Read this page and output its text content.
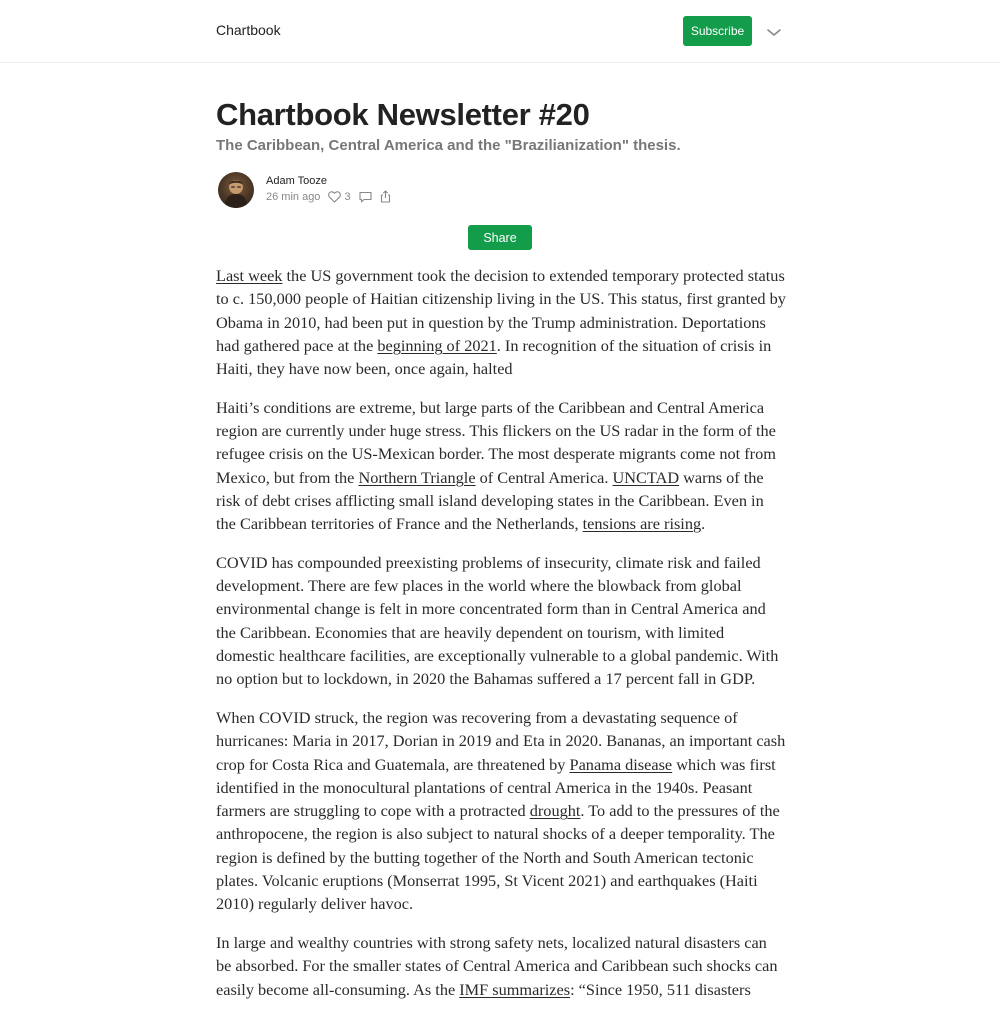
Chartbook	Subscribe
Chartbook Newsletter #20
The Caribbean, Central America and the "Brazilianization" thesis.
Adam Tooze
26 min ago 3
Share

Last week the US government took the decision to extended temporary protected status to c. 150,000 people of Haitian citizenship living in the US. This status, first granted by Obama in 2010, had been put in question by the Trump administration. Deportations had gathered pace at the beginning of 2021. In recognition of the situation of crisis in Haiti, they have now been, once again, halted

Haiti’s conditions are extreme, but large parts of the Caribbean and Central America region are currently under huge stress. This flickers on the US radar in the form of the refugee crisis on the US-Mexican border. The most desperate migrants come not from Mexico, but from the Northern Triangle of Central America. UNCTAD warns of the risk of debt crises afflicting small island developing states in the Caribbean. Even in the Caribbean territories of France and the Netherlands, tensions are rising.

COVID has compounded preexisting problems of insecurity, climate risk and failed development. There are few places in the world where the blowback from global environmental change is felt in more concentrated form than in Central America and the Caribbean. Economies that are heavily dependent on tourism, with limited domestic healthcare facilities, are exceptionally vulnerable to a global pandemic. With no option but to lockdown, in 2020 the Bahamas suffered a 17 percent fall in GDP.

When COVID struck, the region was recovering from a devastating sequence of hurricanes: Maria in 2017, Dorian in 2019 and Eta in 2020. Bananas, an important cash crop for Costa Rica and Guatemala, are threatened by Panama disease which was first identified in the monocultural plantations of central America in the 1940s. Peasant farmers are struggling to cope with a protracted drought. To add to the pressures of the anthropocene, the region is also subject to natural shocks of a deeper temporality. The region is defined by the butting together of the North and South American tectonic plates. Volcanic eruptions (Monserrat 1995, St Vicent 2021) and earthquakes (Haiti 2010) regularly deliver havoc.

In large and wealthy countries with strong safety nets, localized natural disasters can be absorbed. For the smaller states of Central America and Caribbean such shocks can easily become all-consuming. As the IMF summarizes: “Since 1950, 511 disasters
